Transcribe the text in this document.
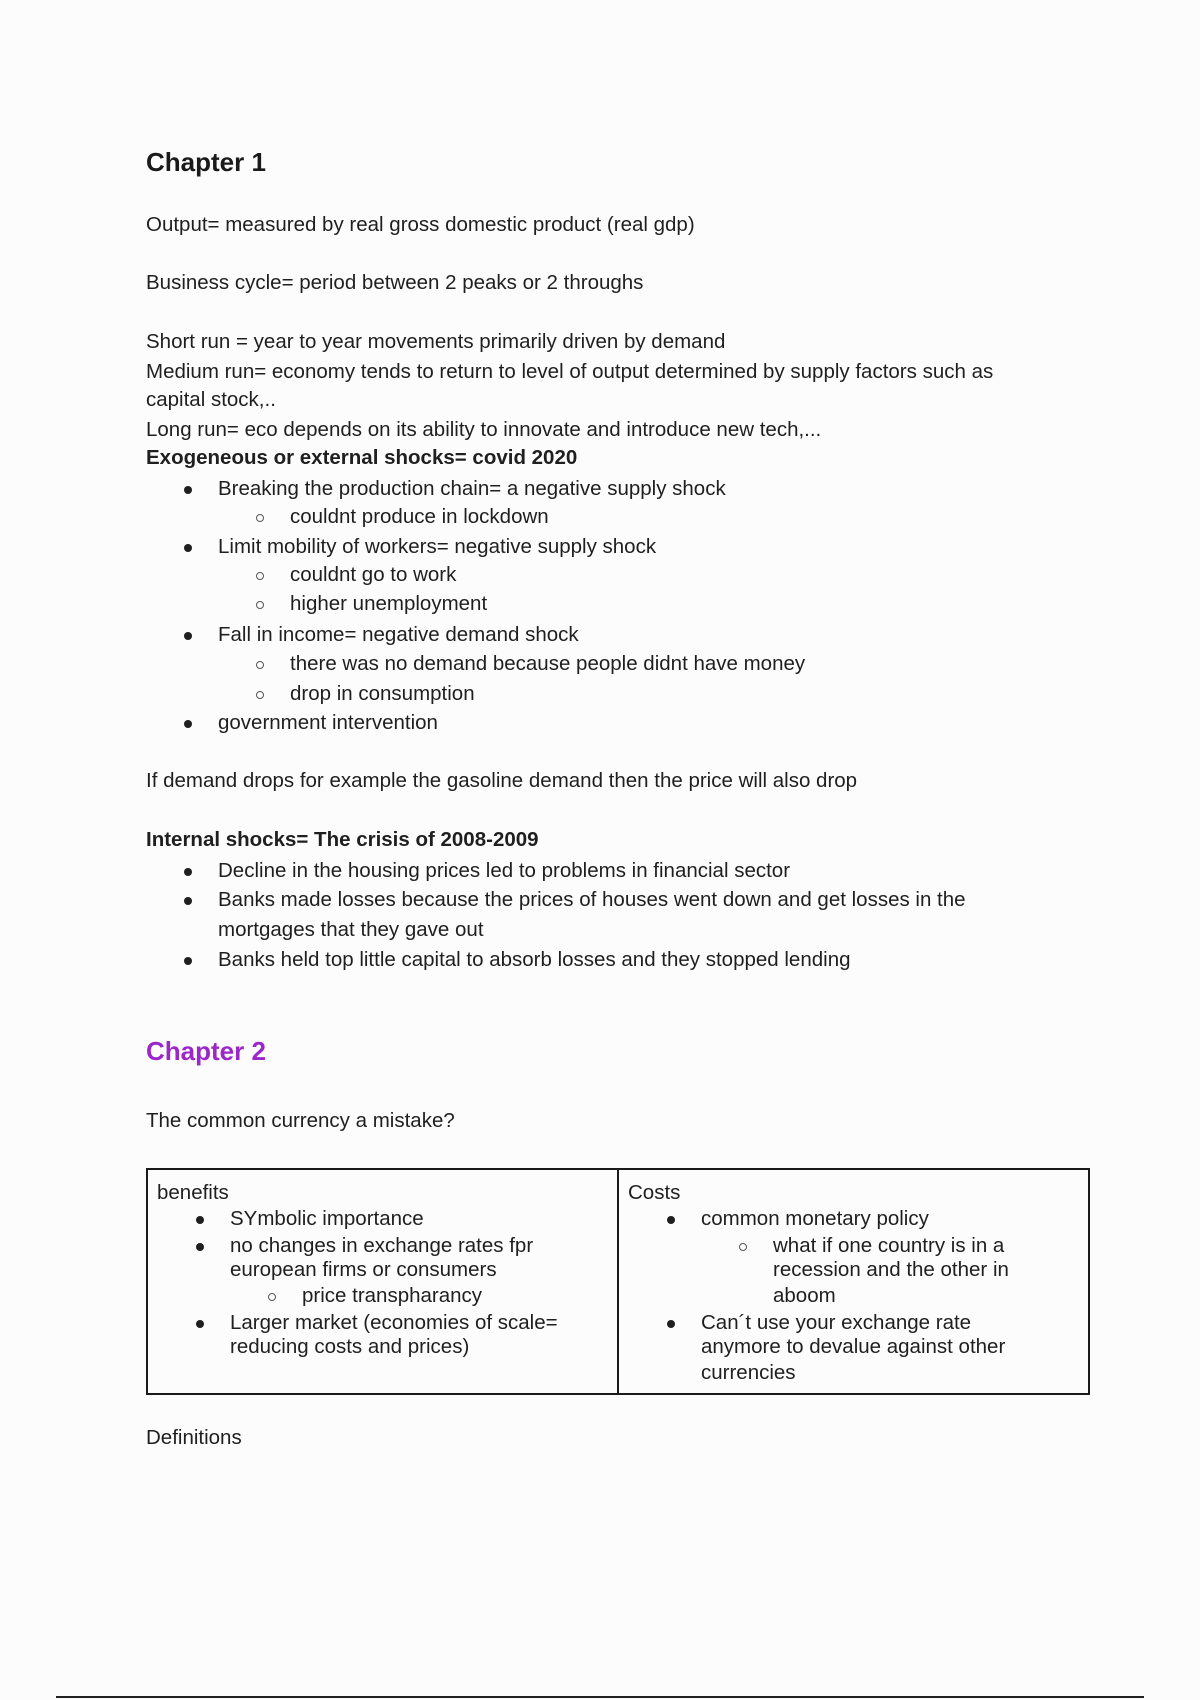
Chapter 1
Output= measured by real gross domestic product (real gdp)
Business cycle= period between 2 peaks or 2 throughs
Short run = year to year movements primarily driven by demand
Medium run= economy tends to return to level of output determined by supply factors such as
capital stock,..
Long run= eco depends on its ability to innovate and introduce new tech,...
Exogeneous or external shocks= covid 2020
Breaking the production chain= a negative supply shock
couldnt produce in lockdown
Limit mobility of workers= negative supply shock
couldnt go to work
higher unemployment
Fall in income= negative demand shock
there was no demand because people didnt have money
drop in consumption
government intervention
If demand drops for example the gasoline demand then the price will also drop
Internal shocks= The crisis of 2008-2009
Decline in the housing prices led to problems in financial sector
Banks made losses because the prices of houses went down and get losses in the
mortgages that they gave out
Banks held top little capital to absorb losses and they stopped lending
Chapter 2
The common currency a mistake?
benefits
SYmbolic importance
no changes in exchange rates fpr
european firms or consumers
price transpharancy
Larger market (economies of scale=
reducing costs and prices)

Costs
common monetary policy
what if one country is in a
recession and the other in
aboom
Can´t use your exchange rate
anymore to devalue against other
currencies
Definitions
